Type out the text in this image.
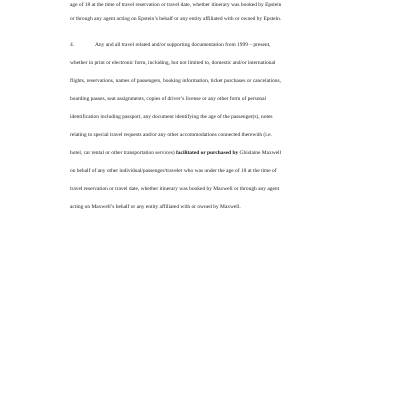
age of 18 at the time of travel reservation or travel date, whether itinerary was booked by Epstein
or through any agent acting on Epstein’s behalf or any entity affiliated with or owned by Epstein.
4.	Any and all travel related and/or supporting documentation from 1999 – present,
whether in print or electronic form, including, but not limited to, domestic and/or international
flights, reservations, names of passengers, booking information, ticket purchases or cancelations,
boarding passes, seat assignments, copies of driver’s license or any other form of personal
identification including passport, any document identifying the age of the passenger(s), notes
relating to special travel requests and/or any other accommodations connected therewith (i.e.
hotel, car rental or other transportation services) facilitated or purchased by Ghislaine Maxwell
on behalf of any other individual/passenger/traveler who was under the age of 18 at the time of
travel reservation or travel date, whether itinerary was booked by Maxwell or through any agent
acting on Maxwell’s behalf or any entity affiliated with or owned by Maxwell.
